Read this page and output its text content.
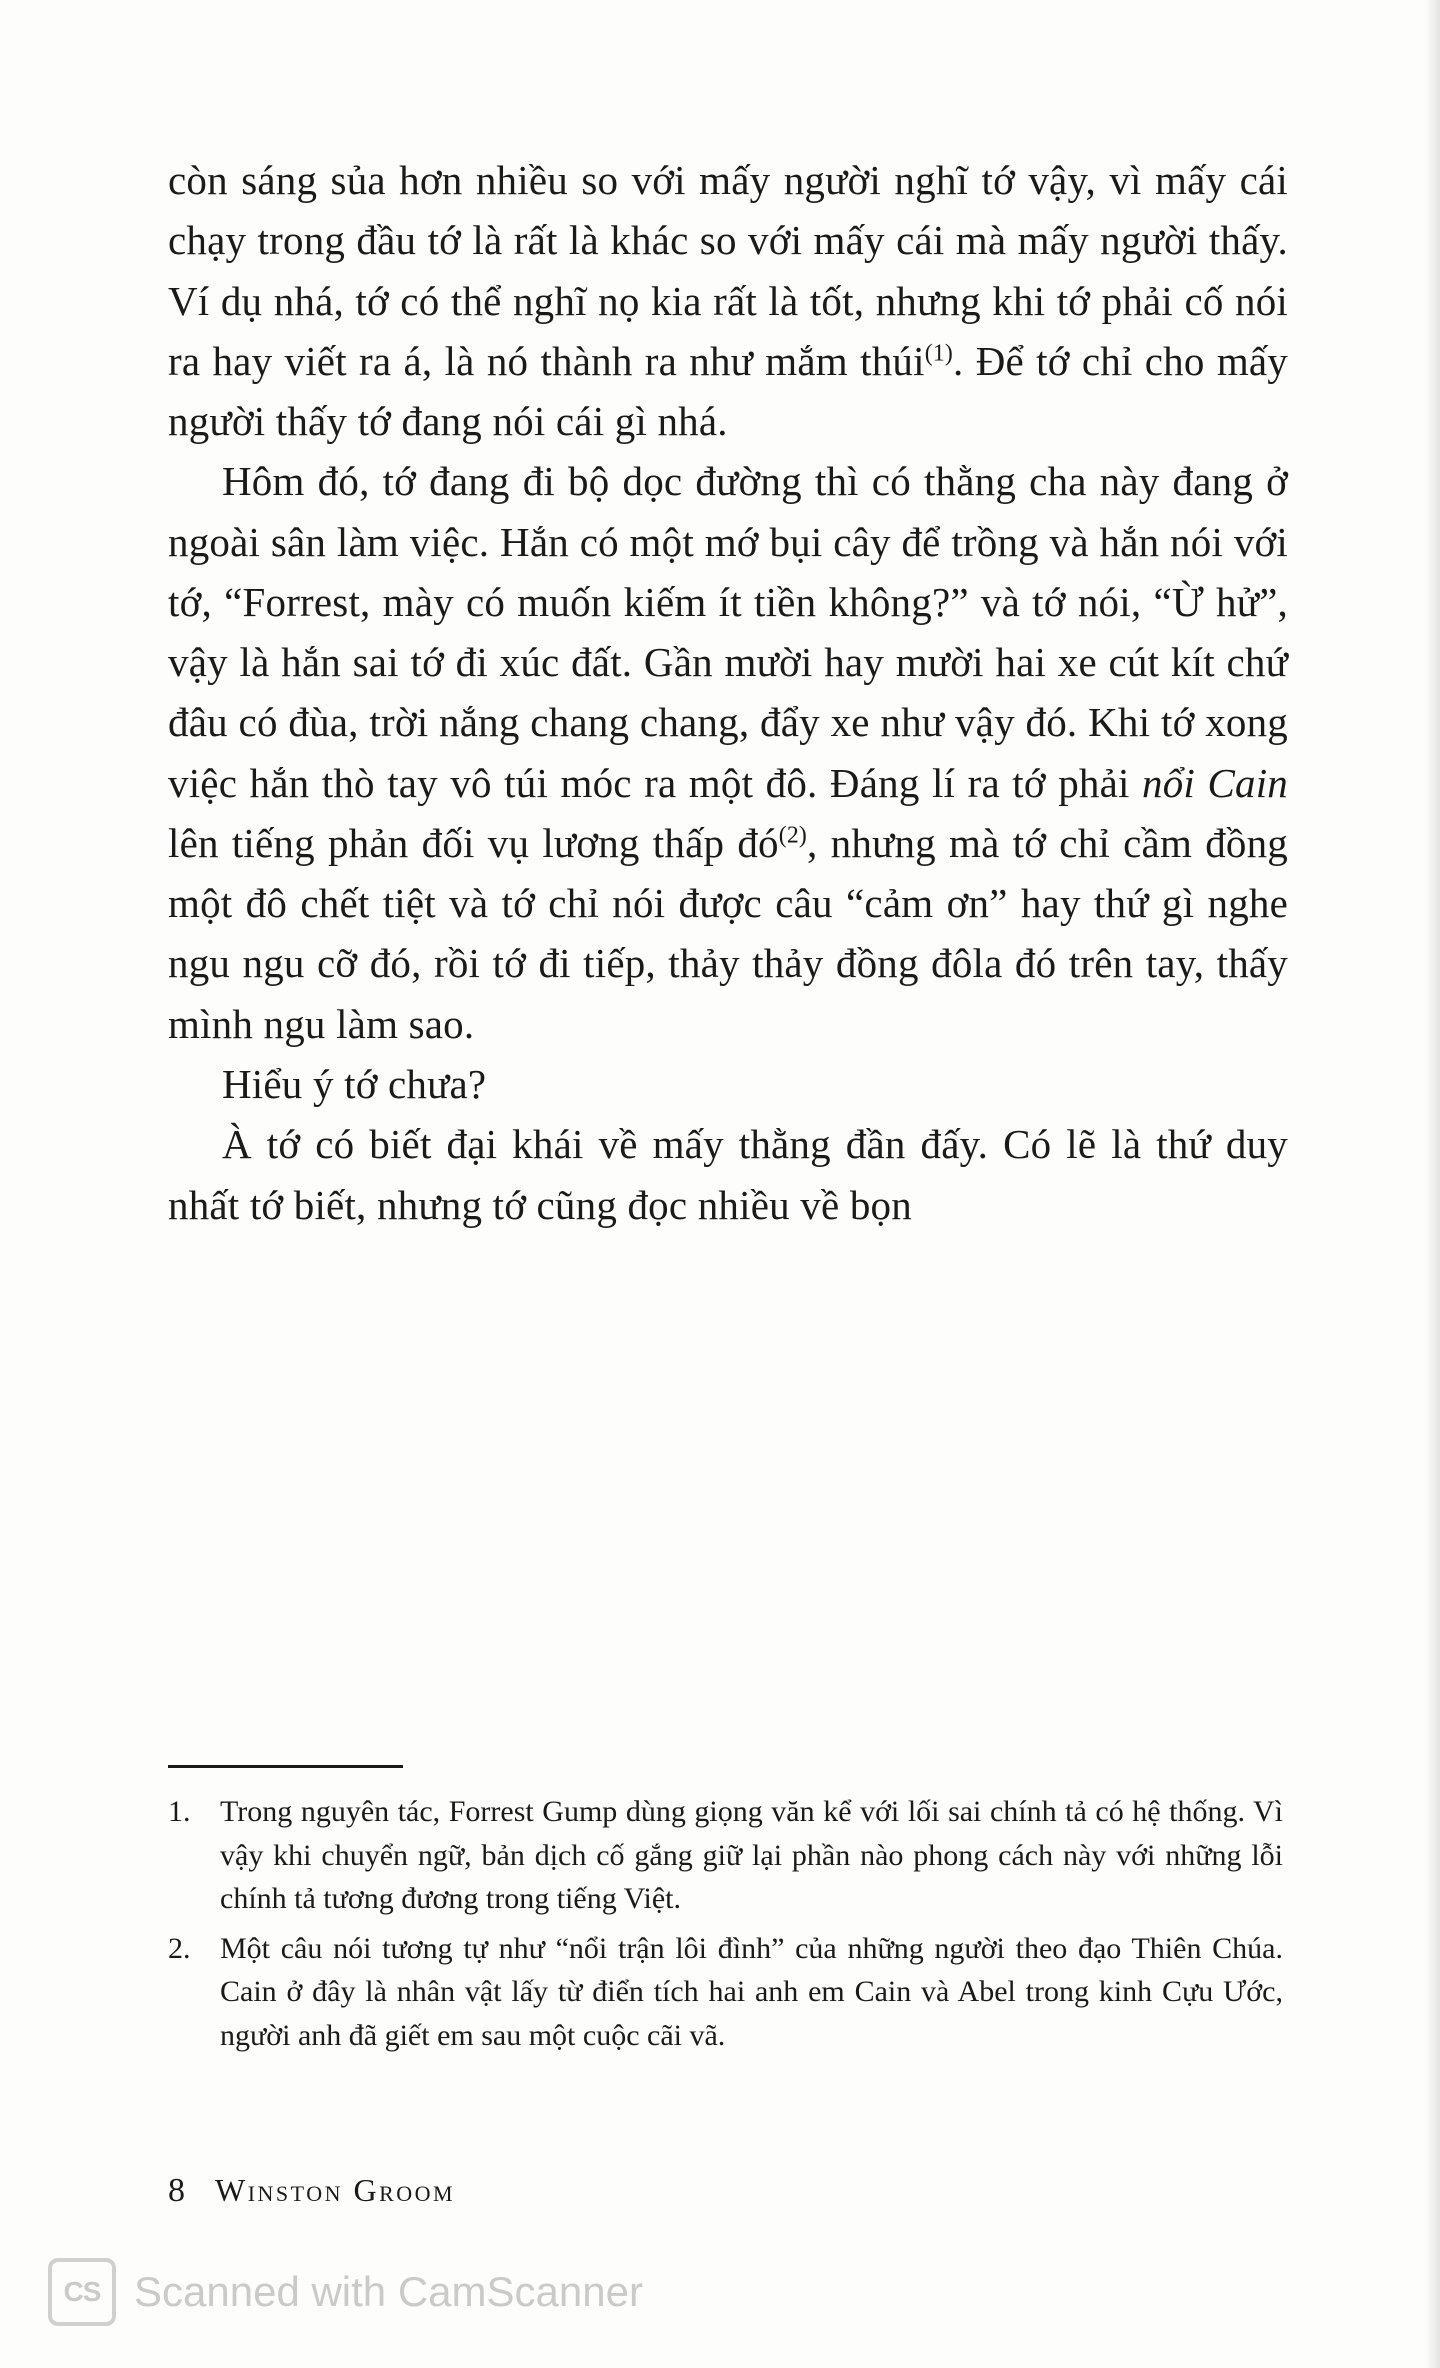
còn sáng sủa hơn nhiều so với mấy người nghĩ tớ vậy, vì mấy cái chạy trong đầu tớ là rất là khác so với mấy cái mà mấy người thấy. Ví dụ nhá, tớ có thể nghĩ nọ kia rất là tốt, nhưng khi tớ phải cố nói ra hay viết ra á, là nó thành ra như mắm thúi$^{(1)}$. Để tớ chỉ cho mấy người thấy tớ đang nói cái gì nhá.

Hôm đó, tớ đang đi bộ dọc đường thì có thằng cha này đang ở ngoài sân làm việc. Hắn có một mớ bụi cây để trồng và hắn nói với tớ, “Forrest, mày có muốn kiếm ít tiền không?” và tớ nói, “Ừ hử”, vậy là hắn sai tớ đi xúc đất. Gần mười hay mười hai xe cút kít chứ đâu có đùa, trời nắng chang chang, đẩy xe như vậy đó. Khi tớ xong việc hắn thò tay vô túi móc ra một đô. Đáng lí ra tớ phải nổi Cain lên tiếng phản đối vụ lương thấp $đó^{(2)}$, nhưng mà tớ chỉ cầm đồng một đô chết tiệt và tớ chỉ nói được câu “cảm ơn” hay thứ gì nghe ngu ngu cỡ đó, rồi tớ đi tiếp, thảy thảy đồng đôla đó trên tay, thấy mình ngu làm sao.

Hiểu ý tớ chưa?

À tớ có biết đại khái về mấy thằng đần đấy. Có lẽ là thứ duy nhất tớ biết, nhưng tớ cũng đọc nhiều về bọn

1. Trong nguyên tác, Forrest Gump dùng giọng văn kể với lối sai chính tả có hệ thống. Vì vậy khi chuyển ngữ, bản dịch cố gắng giữ lại phần nào phong cách này với những lỗi chính tả tương đương trong tiếng Việt.
2. Một câu nói tương tự như “nổi trận lôi đình” của những người theo đạo Thiên Chúa. Cain ở đây là nhân vật lấy từ điển tích hai anh em Cain và Abel trong kinh Cựu Ước, người anh đã giết em sau một cuộc cãi vã.
8 Winston Groom
CS Scanned with CamScanner
